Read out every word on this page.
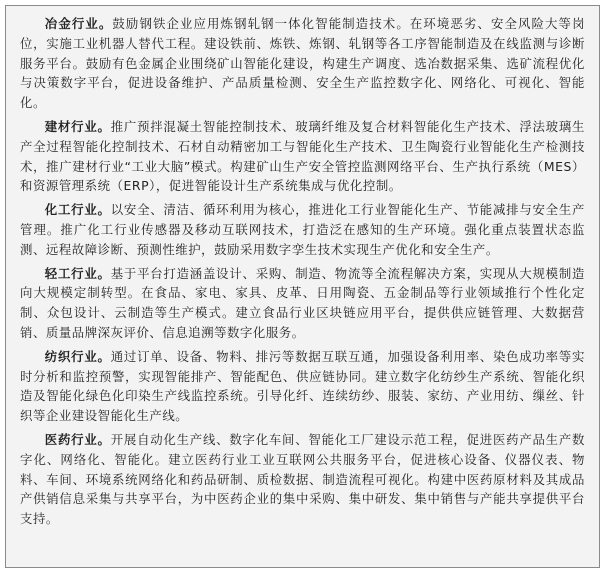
冶金行业。鼓励钢铁企业应用炼钢轧钢一体化智能制造技术。在环境恶劣、安全风险大等岗位，实施工业机器人替代工程。建设铁前、炼铁、炼钢、轧钢等各工序智能制造及在线监测与诊断服务平台。鼓励有色金属企业围绕矿山智能化建设，构建生产调度、选冶数据采集、选矿流程优化与决策数字平台，促进设备维护、产品质量检测、安全生产监控数字化、网络化、可视化、智能化。

建材行业。推广预拌混凝土智能控制技术、玻璃纤维及复合材料智能化生产技术、浮法玻璃生产全过程智能化控制技术、石材自动精密加工与智能化生产技术、卫生陶瓷行业智能化生产检测技术，推广建材行业“工业大脑”模式。构建矿山生产安全管控监测网络平台、生产执行系统（MES）和资源管理系统（ERP），促进智能设计生产系统集成与优化控制。

化工行业。以安全、清洁、循环利用为核心，推进化工行业智能化生产、节能减排与安全生产管理。推广化工行业传感器及移动互联网技术，打造泛在感知的生产环境。强化重点装置状态监测、远程故障诊断、预测性维护，鼓励采用数字孪生技术实现生产优化和安全生产。

轻工行业。基于平台打造涵盖设计、采购、制造、物流等全流程解决方案，实现从大规模制造向大规模定制转型。在食品、家电、家具、皮革、日用陶瓷、五金制品等行业领域推行个性化定制、众包设计、云制造等生产模式。建立食品行业区块链应用平台，提供供应链管理、大数据营销、质量品牌深灰评价、信息追溯等数字化服务。

纺织行业。通过订单、设备、物料、排污等数据互联互通，加强设备利用率、染色成功率等实时分析和监控预警，实现智能排产、智能配色、供应链协同。建立数字化纺纱生产系统、智能化织造及智能化绿色化印染生产线监控系统。引导化纤、连续纺纱、服装、家纺、产业用纺、缫丝、针织等企业建设智能化生产线。

医药行业。开展自动化生产线、数字化车间、智能化工厂建设示范工程，促进医药产品生产数字化、网络化、智能化。建立医药行业工业互联网公共服务平台，促进核心设备、仪器仪表、物料、车间、环境系统网络化和药品研制、质检数据、制造流程可视化。构建中医药原材料及其成品产供销信息采集与共享平台，为中医药企业的集中采购、集中研发、集中销售与产能共享提供平台支持。
